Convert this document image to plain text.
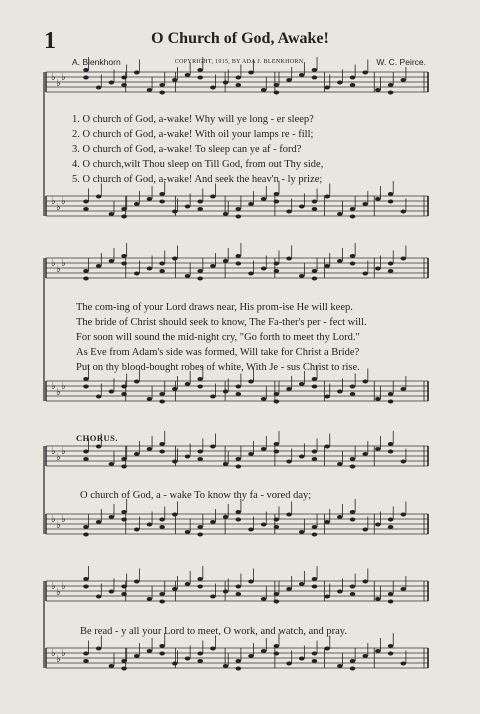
1	O Church of God, Awake!
A. Blenkhorn	COPYRIGHT, 1915, BY ADA J. BLENKHORN.	W. C. Peirce.
♭
♭
♭
♭
♭
♭
♭
♭
♭
♭
♭
♭
♭
♭
♭
♭
♭
♭
♭
♭
♭
♭
♭
♭
1. O church of God, a-wake! Why will ye long - er sleep?
2. O church of God, a-wake! With oil your lamps re - fill;
3. O church of God, a-wake! To sleep can ye af - ford?
4. O church,wilt Thou sleep on Till God, from out Thy side,
5. O church of God, a-wake! And seek the heav'n - ly prize;
The com-ing of your Lord draws near, His prom-ise He will keep.
The bride of Christ should seek to know, The Fa-ther's per - fect will.
For soon will sound the mid-night cry, "Go forth to meet thy Lord."
As Eve from Adam's side was formed, Will take for Christ a Bride?
Put on thy blood-bought robes of white, With Je - sus Christ to rise.
CHORUS.
O church of God, a - wake To know thy fa - vored day;
Be read - y all your Lord to meet, O work, and watch, and pray.
